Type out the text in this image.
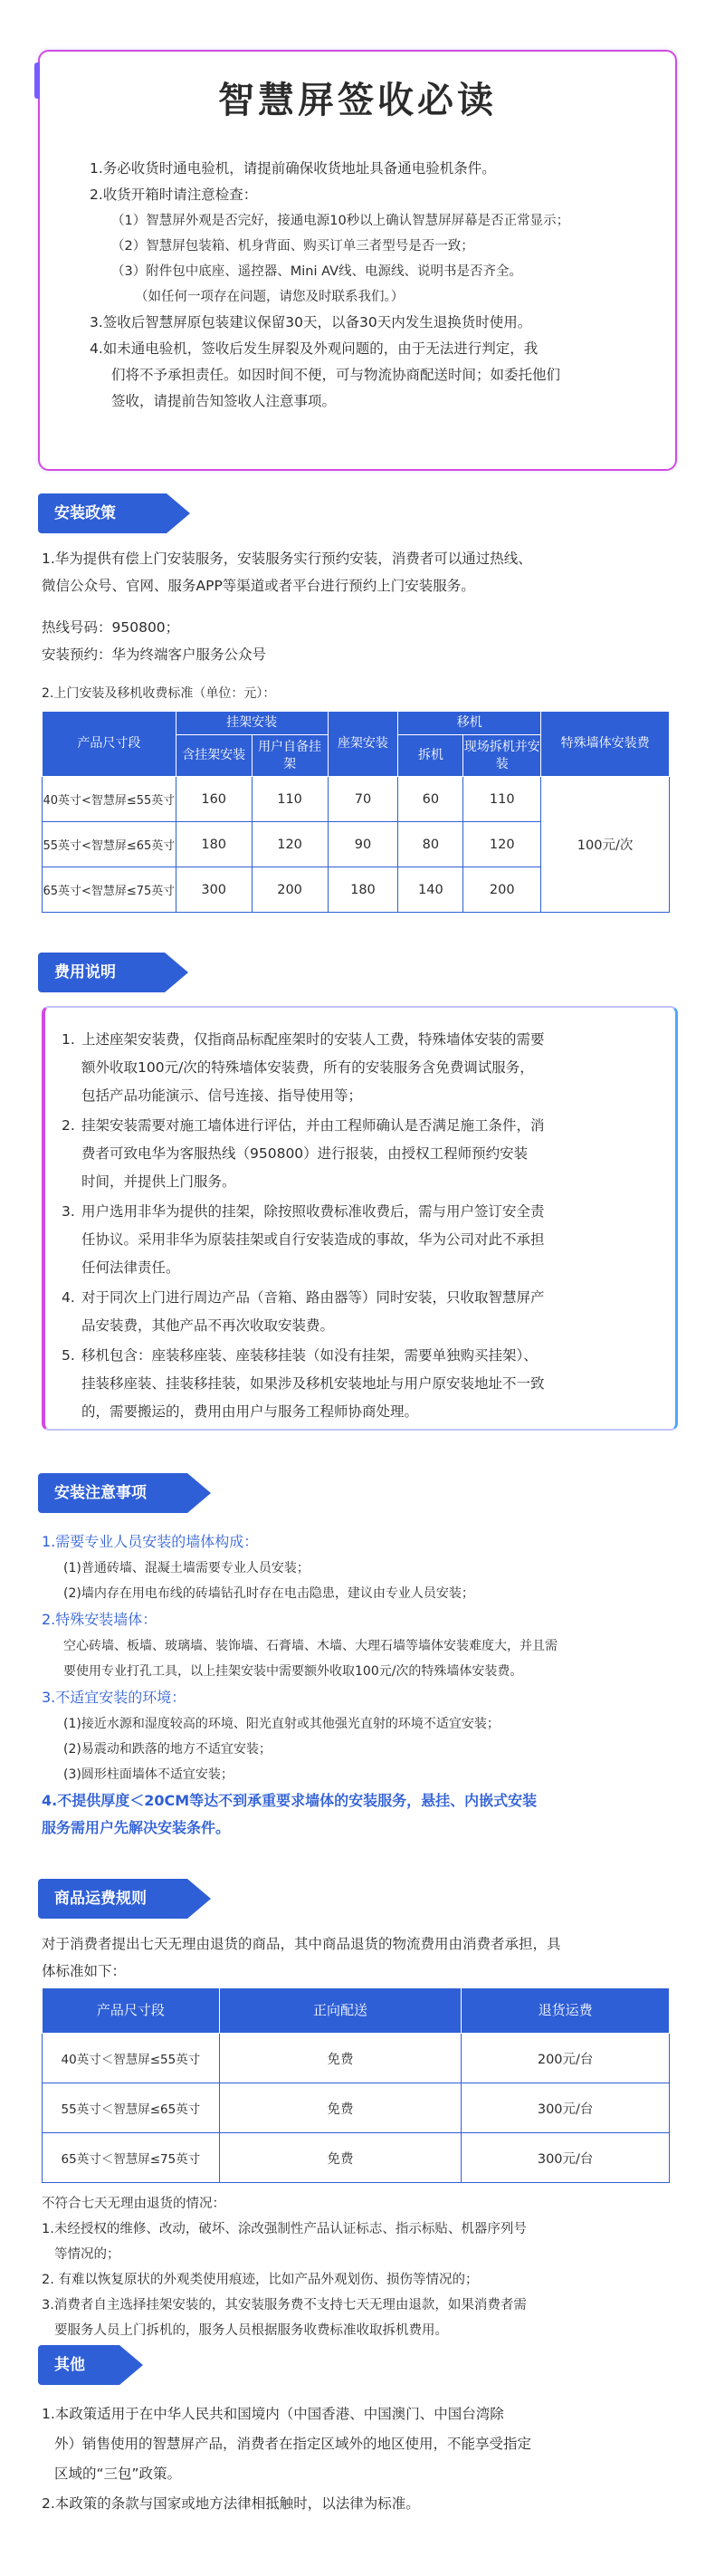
智慧屏签收必读
1.务必收货时通电验机，请提前确保收货地址具备通电验机条件。
2.收货开箱时请注意检查：
（1）智慧屏外观是否完好，接通电源10秒以上确认智慧屏屏幕是否正常显示；
（2）智慧屏包装箱、机身背面、购买订单三者型号是否一致；
（3）附件包中底座、遥控器、Mini AV线、电源线、说明书是否齐全。
（如任何一项存在问题，请您及时联系我们。）
3.签收后智慧屏原包装建议保留30天，以备30天内发生退换货时使用。
4.如未通电验机，签收后发生屏裂及外观问题的，由于无法进行判定，我
们将不予承担责任。如因时间不便，可与物流协商配送时间；如委托他们
签收，请提前告知签收人注意事项。
安装政策
1.华为提供有偿上门安装服务，安装服务实行预约安装，消费者可以通过热线、
微信公众号、官网、服务APP等渠道或者平台进行预约上门安装服务。
热线号码：950800；
安装预约：华为终端客户服务公众号
2.上门安装及移机收费标准（单位：元）：
产品尺寸段	挂架安装		座架安装	移机		特殊墙体安装费
	含挂架安装	用户自备挂架		拆机	现场拆机并安装	
40英寸<智慧屏≤55英寸	160	110	70	60	110	100元/次
55英寸<智慧屏≤65英寸	180	120	90	80	120	
65英寸<智慧屏≤75英寸	300	200	180	140	200	
费用说明
1. 上述座架安装费，仅指商品标配座架时的安装人工费，特殊墙体安装的需要
额外收取100元/次的特殊墙体安装费，所有的安装服务含免费调试服务，
包括产品功能演示、信号连接、指导使用等；
2. 挂架安装需要对施工墙体进行评估，并由工程师确认是否满足施工条件，消
费者可致电华为客服热线（950800）进行报装，由授权工程师预约安装
时间，并提供上门服务。
3. 用户选用非华为提供的挂架，除按照收费标准收费后，需与用户签订安全责
任协议。采用非华为原装挂架或自行安装造成的事故，华为公司对此不承担
任何法律责任。
4. 对于同次上门进行周边产品（音箱、路由器等）同时安装，只收取智慧屏产
品安装费，其他产品不再次收取安装费。
5. 移机包含：座装移座装、座装移挂装（如没有挂架，需要单独购买挂架）、
挂装移座装、挂装移挂装，如果涉及移机安装地址与用户原安装地址不一致
的，需要搬运的，费用由用户与服务工程师协商处理。
安装注意事项
1.需要专业人员安装的墙体构成：
(1)普通砖墙、混凝土墙需要专业人员安装；
(2)墙内存在用电布线的砖墙钻孔时存在电击隐患，建议由专业人员安装；
2.特殊安装墙体：
空心砖墙、板墙、玻璃墙、装饰墙、石膏墙、木墙、大理石墙等墙体安装难度大，并且需
要使用专业打孔工具，以上挂架安装中需要额外收取100元/次的特殊墙体安装费。
3.不适宜安装的环境：
(1)接近水源和湿度较高的环境、阳光直射或其他强光直射的环境不适宜安装；
(2)易震动和跌落的地方不适宜安装；
(3)圆形柱面墙体不适宜安装；
4.不提供厚度＜20CM等达不到承重要求墙体的安装服务，悬挂、内嵌式安装
服务需用户先解决安装条件。
商品运费规则
对于消费者提出七天无理由退货的商品，其中商品退货的物流费用由消费者承担，具
体标准如下：
产品尺寸段	正向配送	退货运费
40英寸＜智慧屏≤55英寸	免费	200元/台
55英寸＜智慧屏≤65英寸	免费	300元/台
65英寸＜智慧屏≤75英寸	免费	300元/台
不符合七天无理由退货的情况：
1.未经授权的维修、改动，破坏、涂改强制性产品认证标志、指示标贴、机器序列号
等情况的；
2. 有难以恢复原状的外观类使用痕迹，比如产品外观划伤、损伤等情况的；
3.消费者自主选择挂架安装的，其安装服务费不支持七天无理由退款，如果消费者需
要服务人员上门拆机的，服务人员根据服务收费标准收取拆机费用。
其他
1.本政策适用于在中华人民共和国境内（中国香港、中国澳门、中国台湾除
外）销售使用的智慧屏产品，消费者在指定区域外的地区使用，不能享受指定
区域的“三包”政策。
2.本政策的条款与国家或地方法律相抵触时，以法律为标准。
